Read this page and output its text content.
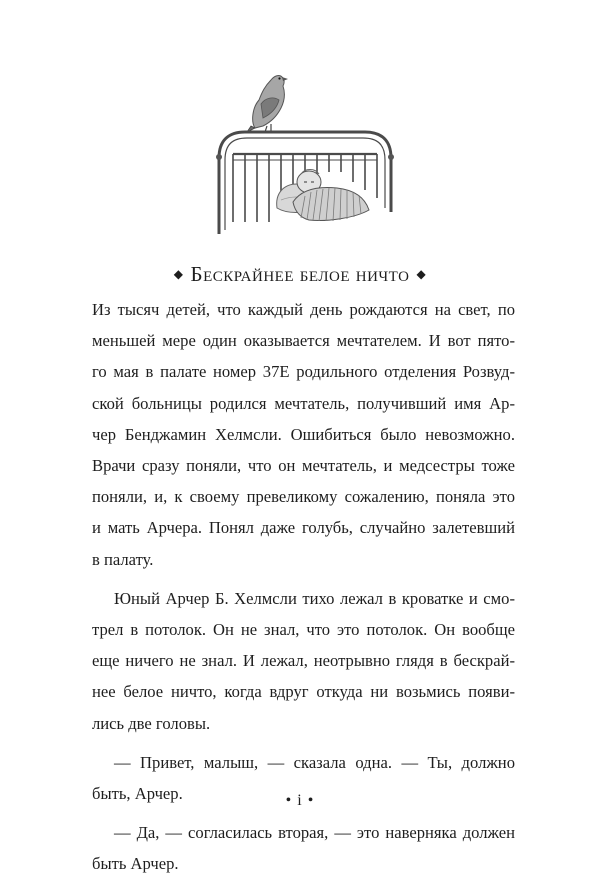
◆ Бескрайнее белое ничто ◆

Из тысяч детей, что каждый день рождаются на свет, по
меньшей мере один оказывается мечтателем. И вот пято-
го мая в палате номер 37Е родильного отделения Розвуд-
ской больницы родился мечтатель, получивший имя Ар-
чер Бенджамин Хелмсли. Ошибиться было невозможно.
Врачи сразу поняли, что он мечтатель, и медсестры тоже
поняли, и, к своему превеликому сожалению, поняла это
и мать Арчера. Понял даже голубь, случайно залетевший
в палату.

Юный Арчер Б. Хелмсли тихо лежал в кроватке и смо-
трел в потолок. Он не знал, что это потолок. Он вообще
еще ничего не знал. И лежал, неотрывно глядя в бескрай-
нее белое ничто, когда вдруг откуда ни возьмись появи-
лись две головы.

— Привет, малыш, — сказала одна. — Ты, должно
быть, Арчер.

— Да, — согласилась вторая, — это наверняка должен
быть Арчер.

• i •
